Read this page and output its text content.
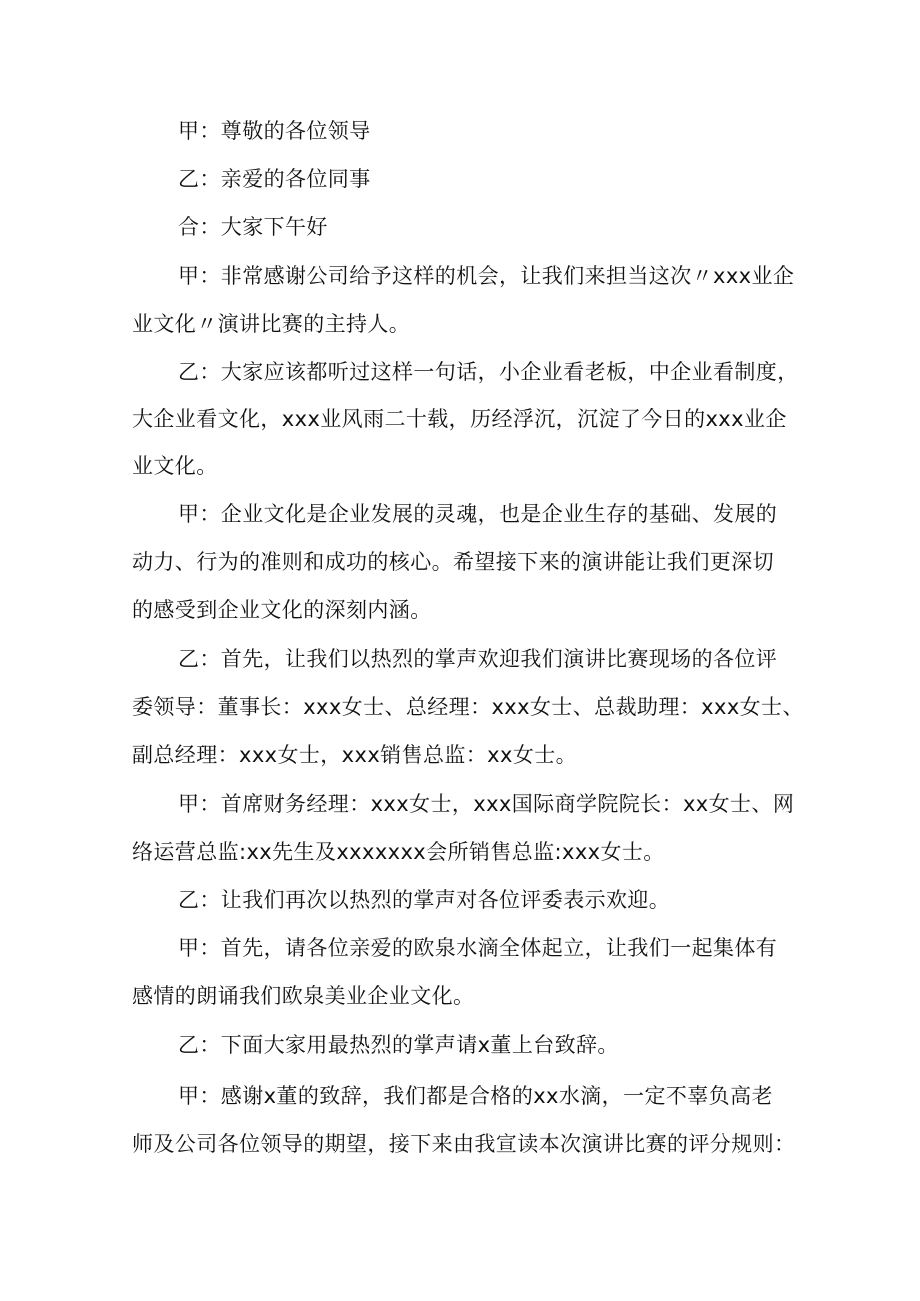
甲：尊敬的各位领导
乙：亲爱的各位同事
合：大家下午好
甲：非常感谢公司给予这样的机会，让我们来担当这次〃xxx业企
业文化〃演讲比赛的主持人。
乙：大家应该都听过这样一句话，小企业看老板，中企业看制度，
大企业看文化，xxx业风雨二十载，历经浮沉，沉淀了今日的xxx业企
业文化。
甲：企业文化是企业发展的灵魂，也是企业生存的基础、发展的
动力、行为的准则和成功的核心。希望接下来的演讲能让我们更深切
的感受到企业文化的深刻内涵。
乙：首先，让我们以热烈的掌声欢迎我们演讲比赛现场的各位评
委领导：董事长：xxx女士、总经理：xxx女士、总裁助理：xxx女士、
副总经理：xxx女士，xxx销售总监：xx女士。
甲：首席财务经理：xxx女士，xxx国际商学院院长：xx女士、网
络运营总监:xx先生及xxxxxxx会所销售总监:xxx女士。
乙：让我们再次以热烈的掌声对各位评委表示欢迎。
甲：首先，请各位亲爱的欧泉水滴全体起立，让我们一起集体有
感情的朗诵我们欧泉美业企业文化。
乙：下面大家用最热烈的掌声请x董上台致辞。
甲：感谢x董的致辞，我们都是合格的xx水滴，一定不辜负高老
师及公司各位领导的期望，接下来由我宣读本次演讲比赛的评分规则：
